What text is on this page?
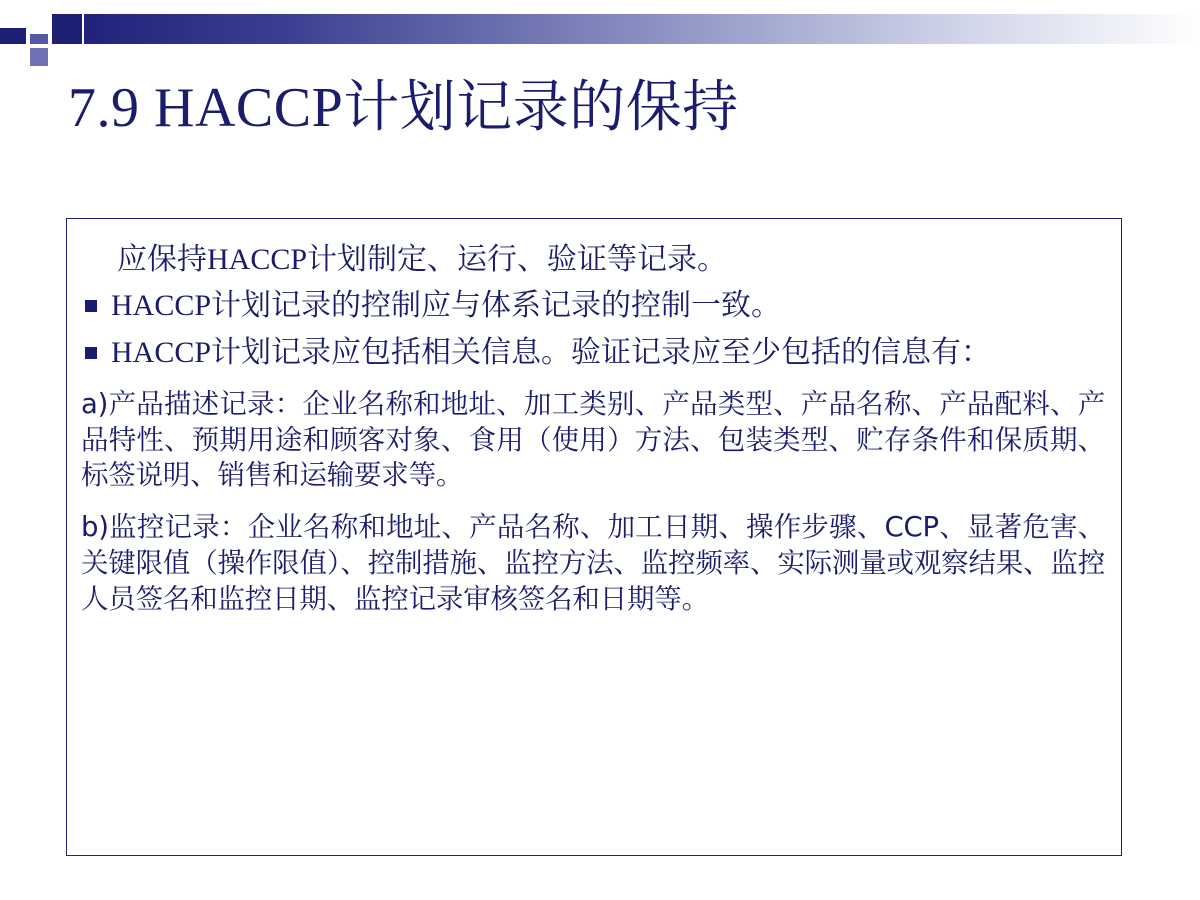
7.9 HACCP计划记录的保持
应保持HACCP计划制定、运行、验证等记录。
HACCP计划记录的控制应与体系记录的控制一致。
HACCP计划记录应包括相关信息。验证记录应至少包括的信息有：
a)产品描述记录：企业名称和地址、加工类别、产品类型、产品名称、产品配料、产品特性、预期用途和顾客对象、食用（使用）方法、包装类型、贮存条件和保质期、标签说明、销售和运输要求等。
b)监控记录：企业名称和地址、产品名称、加工日期、操作步骤、CCP、显著危害、关键限值（操作限值）、控制措施、监控方法、监控频率、实际测量或观察结果、监控人员签名和监控日期、监控记录审核签名和日期等。
